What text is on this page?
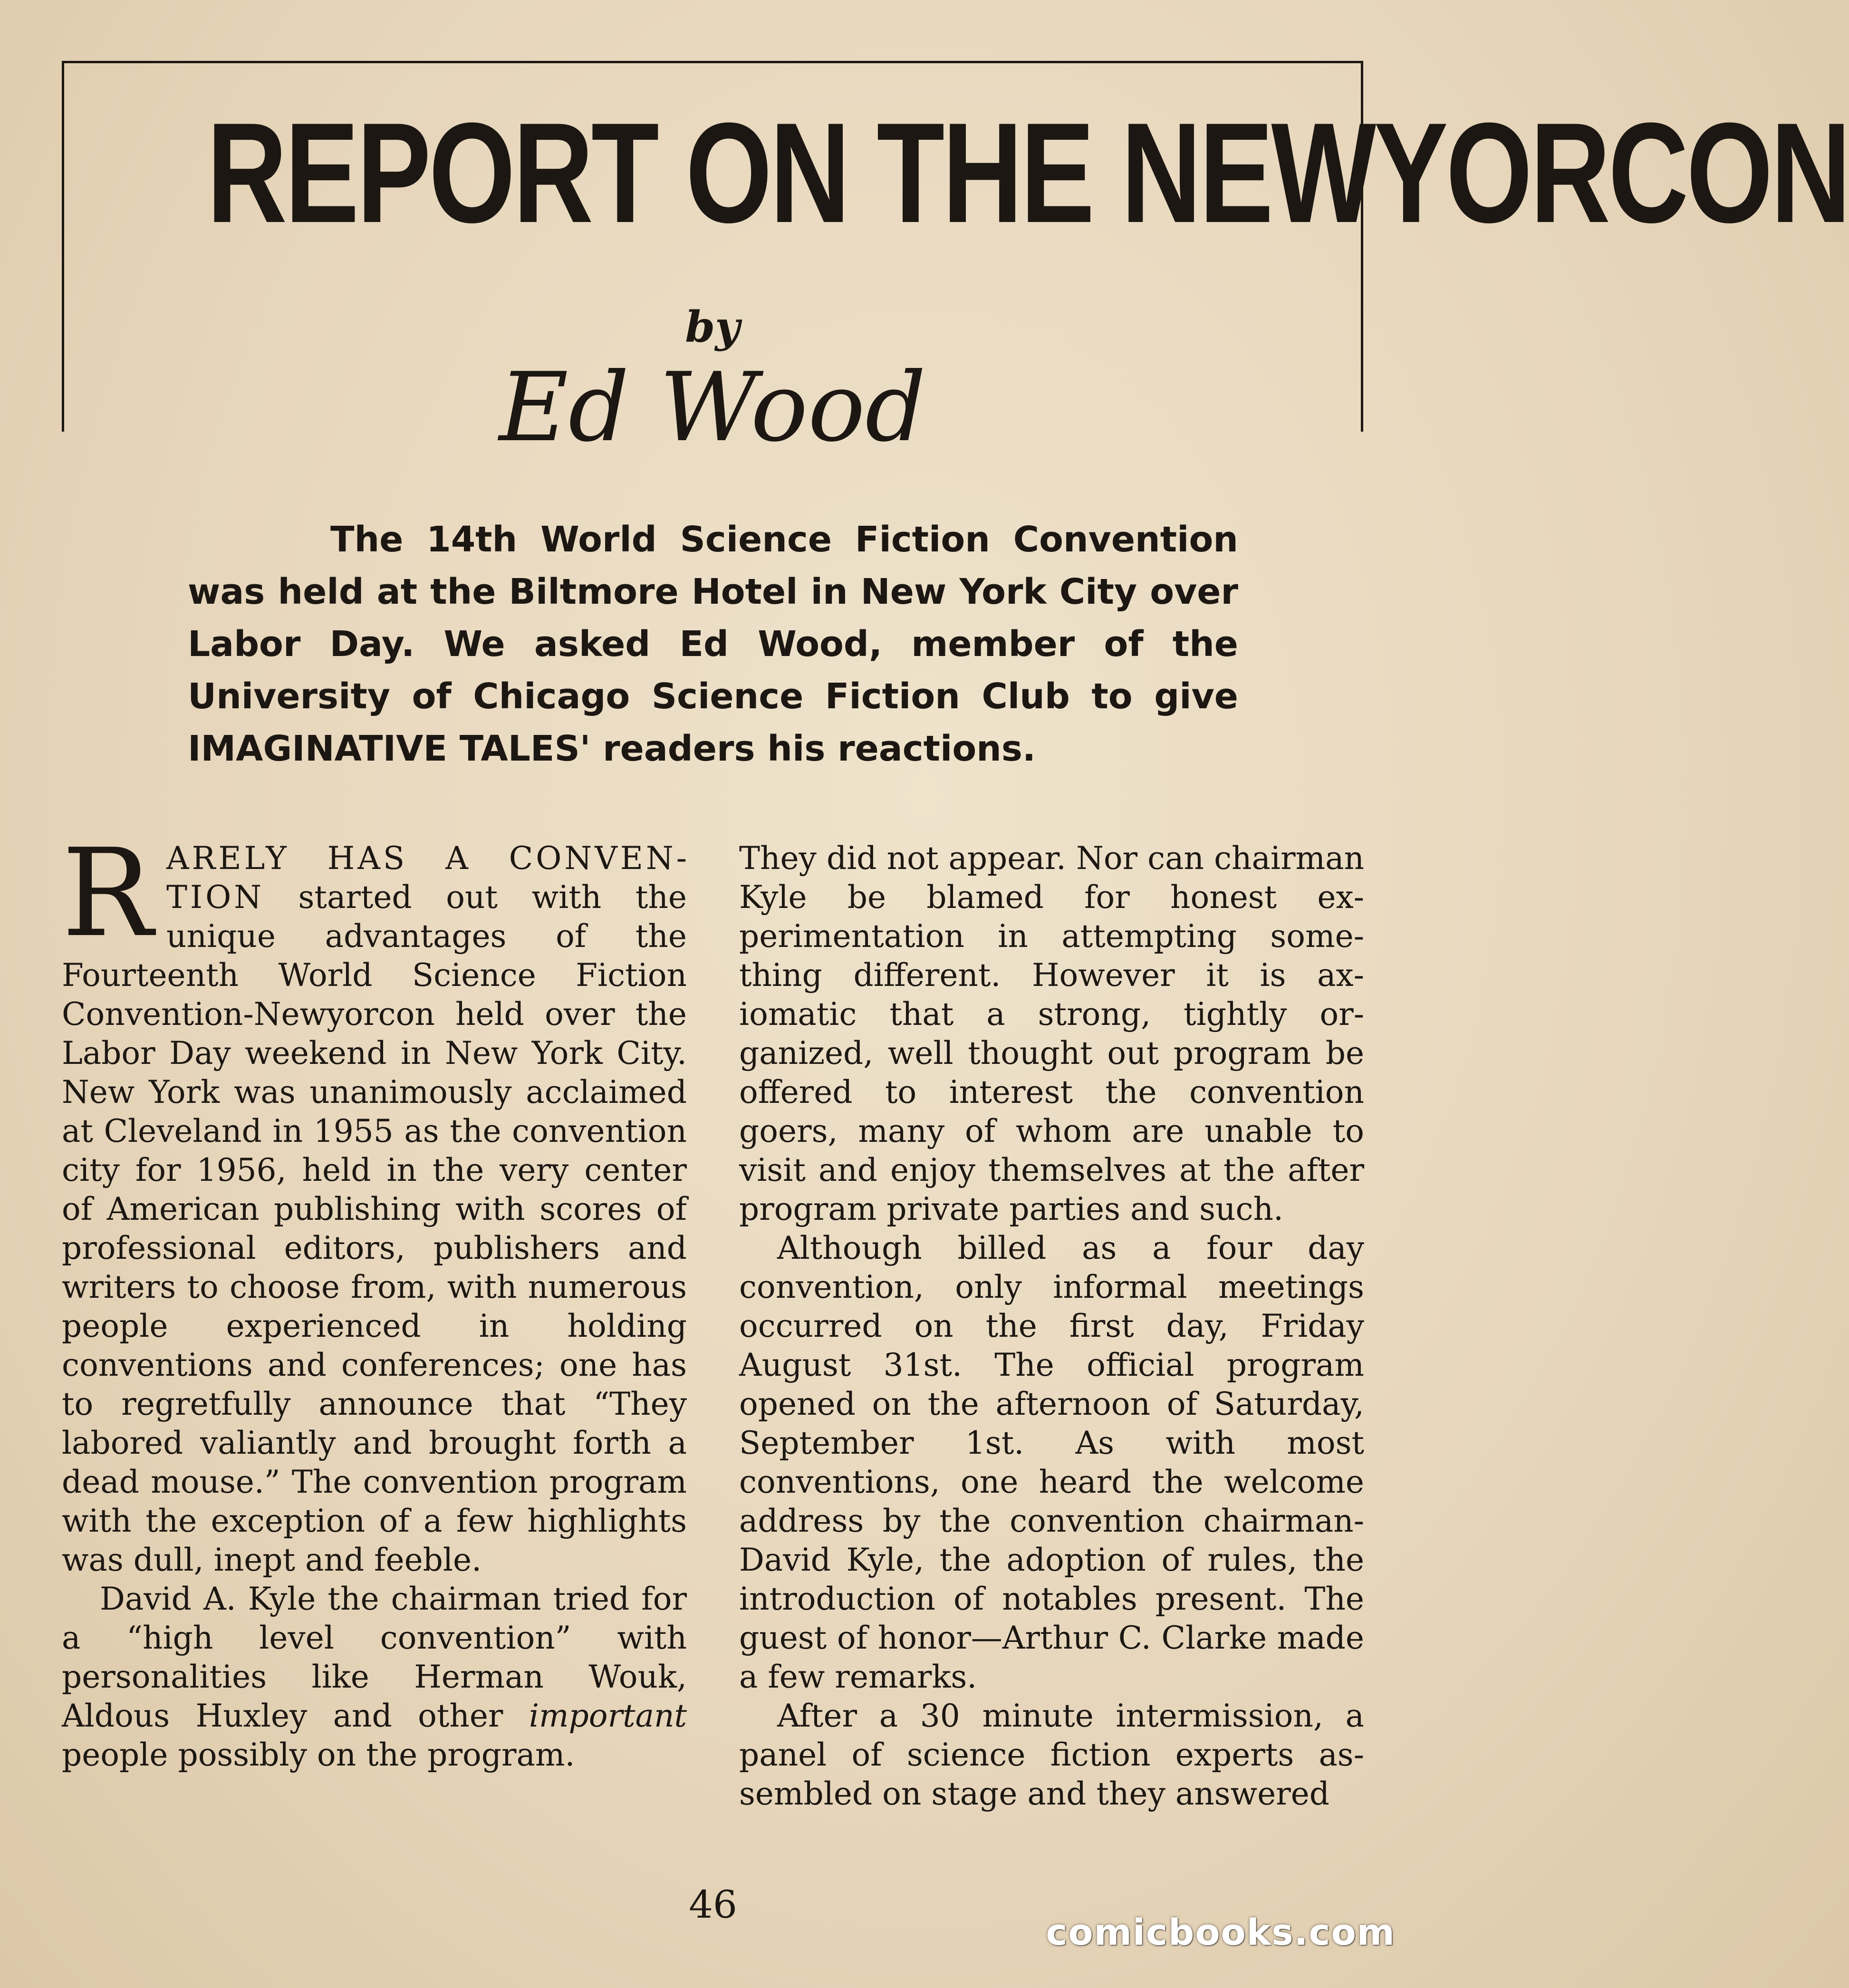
REPORT ON THE NEWYORCON
by
Ed Wood
The 14th World Science Fiction Convention was held at the Biltmore Hotel in New York City over Labor Day. We asked Ed Wood, member of the University of Chicago Science Fiction Club to give IMAGINATIVE TALES' readers his reactions.

RARELY HAS A CONVENTION started out with the unique advantages of the Fourteenth World Science Fiction Convention-Newyorcon held over the Labor Day weekend in New York City. New York was unanimously acclaimed at Cleveland in 1955 as the convention city for 1956, held in the very center of American publishing with scores of professional editors, publishers and writers to choose from, with numerous people experienced in holding conventions and conferences; one has to regretfully announce that “They labored valiantly and brought forth a dead mouse.” The convention program with the exception of a few highlights was dull, inept and feeble.

David A. Kyle the chairman tried for a “high level convention” with personalities like Herman Wouk, Aldous Huxley and other important people possibly on the program.

They did not appear. Nor can chairman Kyle be blamed for honest experimentation in attempting something different. However it is axiomatic that a strong, tightly organized, well thought out program be offered to interest the convention goers, many of whom are unable to visit and enjoy themselves at the after program private parties and such.

Although billed as a four day convention, only informal meetings occurred on the first day, Friday August 31st. The official program opened on the afternoon of Saturday, September 1st. As with most conventions, one heard the welcome address by the convention chairman-David Kyle, the adoption of rules, the introduction of notables present. The guest of honor—Arthur C. Clarke made a few remarks.

After a 30 minute intermission, a panel of science fiction experts assembled on stage and they answered

46
comicbooks.com
